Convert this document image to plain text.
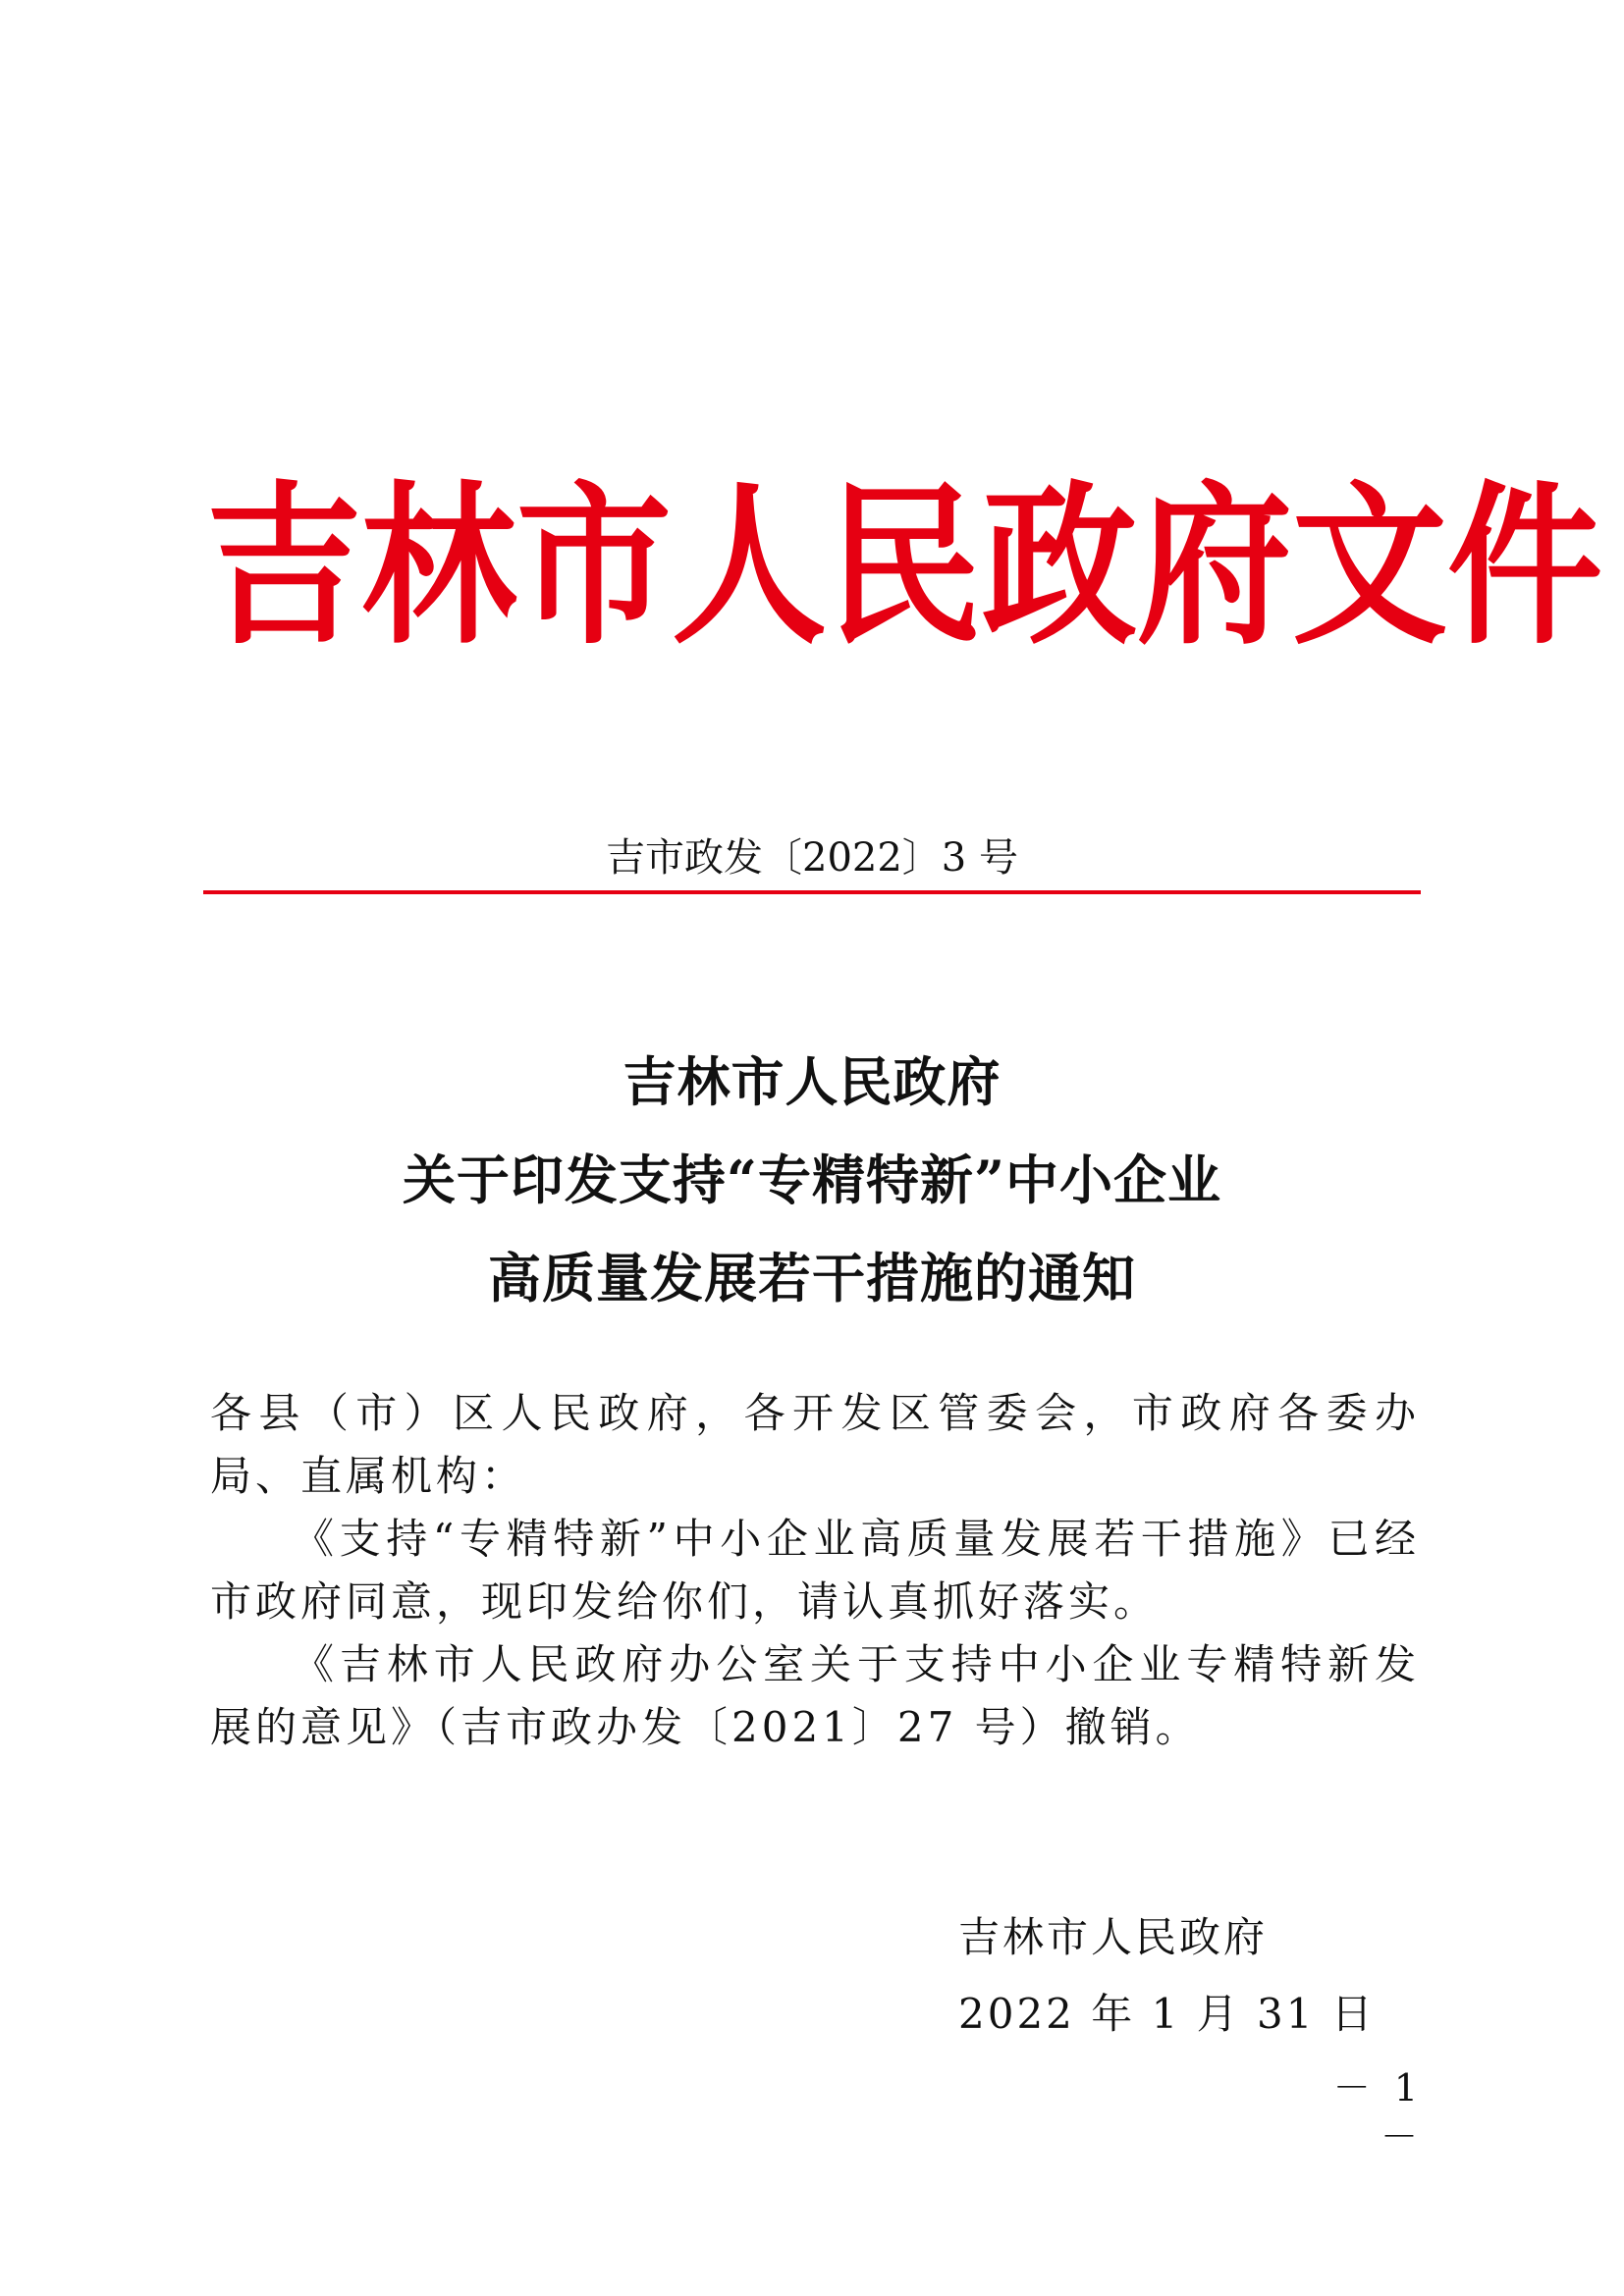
吉 林 市 人 民 政 府 文 件
吉市政发〔2022〕3 号
吉林市人民政府
关于印发支持“专精特新”中小企业
高质量发展若干措施的通知

各县（市）区人民政府，各开发区管委会，市政府各委办局、直属机构：

《支持“专精特新”中小企业高质量发展若干措施》已经市政府同意，现印发给你们，请认真抓好落实。

《吉林市人民政府办公室关于支持中小企业专精特新发展的意见》（吉市政办发〔2021〕27 号）撤销。

吉林市人民政府
2022 年 1 月 31 日
－ 1 －
